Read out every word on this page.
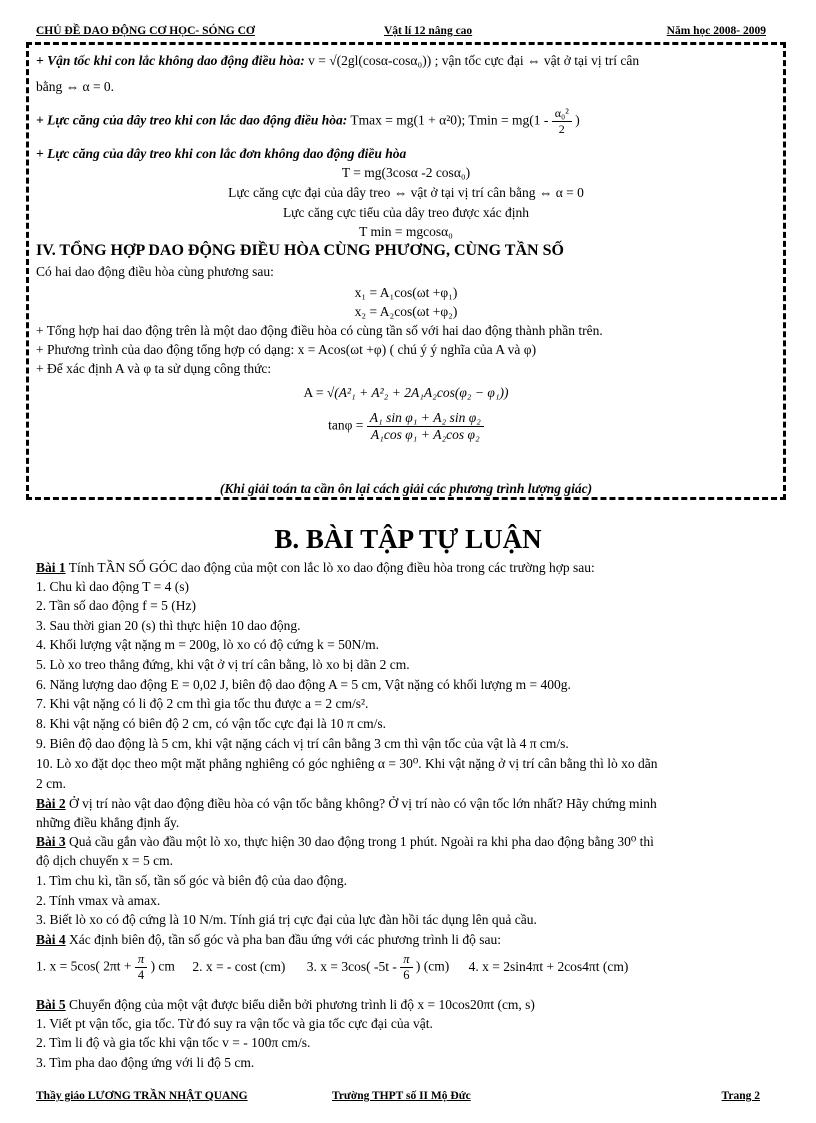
CHỦ ĐỀ DAO ĐỘNG CƠ HỌC- SÓNG CƠ	Vật lí 12 nâng cao	Năm học 2008- 2009
+ Vận tốc khi con lắc không dao động điều hòa: v = √(2gl(cosα-cosα₀)) ; vận tốc cực đại ⇔ vật ở tại vị trí cân
bằng ⇔ α = 0.
+ Lực căng của dây treo khi con lắc dao động điều hòa: Tmax = mg(1 + α²0); $Tmin = mg(1 - \frac{\text{α₀²}}{2}$ )
+ Lực căng của dây treo khi con lắc đơn không dao động điều hòa
T = mg(3cosα -2 cosα₀)
Lực căng cực đại của dây treo ⇔ vật ở tại vị trí cân bằng ⇔ α = 0
Lực căng cực tiểu của dây treo được xác định
T min = mgcosα₀
IV. TỔNG HỢP DAO ĐỘNG ĐIỀU HÒA CÙNG PHƯƠNG, CÙNG TẦN SỐ
Có hai dao động điều hòa cùng phương sau:
x₁ = A₁cos(ωt +φ₁)
x₂ = A₂cos(ωt +φ₂)
+ Tổng hợp hai dao động trên là một dao động điều hòa có cùng tần số với hai dao động thành phần trên.
+ Phương trình của dao động tổng hợp có dạng: x = Acos(ωt +φ) ( chú ý ý nghĩa của A và φ)
+ Để xác định A và φ ta sử dụng công thức:
A = √(A²₁ + A²₂ + 2A₁A₂cos(φ₂ − φ₁))
$\tan\varphi = \frac{\text{A₁ sin φ₁ + A₂ sin φ₂}}{\text{A₁cos φ₁ + A₂cos φ₂}}$
(Khi giải toán ta cần ôn lại cách giải các phương trình lượng giác)
B. BÀI TẬP TỰ LUẬN
Bài 1 Tính TẦN SỐ GÓC dao động của một con lắc lò xo dao động điều hòa trong các trường hợp sau:
1. Chu kì dao động T = 4 (s)
2. Tần số dao động f = 5 (Hz)
3. Sau thời gian 20 (s) thì thực hiện 10 dao động.
4. Khối lượng vật nặng m = 200g, lò xo có độ cứng k = 50N/m.
5. Lò xo treo thẳng đứng, khi vật ở vị trí cân bằng, lò xo bị dãn 2 cm.
6. Năng lượng dao động E = 0,02 J, biên độ dao động A = 5 cm, Vật nặng có khối lượng m = 400g.
7. Khi vật nặng có li độ 2 cm thì gia tốc thu được a = 2 cm/s².
8. Khi vật nặng có biên độ 2 cm, có vận tốc cực đại là 10 π cm/s.
9. Biên độ dao động là 5 cm, khi vật nặng cách vị trí cân bằng 3 cm thì vận tốc của vật là 4 π cm/s.
10. Lò xo đặt dọc theo một mặt phẳng nghiêng có góc nghiêng α = 30⁰. Khi vật nặng ở vị trí cân bằng thì lò xo dãn
2 cm.
Bài 2 Ở vị trí nào vật dao động điều hòa có vận tốc bằng không? Ở vị trí nào có vận tốc lớn nhất? Hãy chứng minh
những điều khẳng định ấy.
Bài 3 Quả cầu gắn vào đầu một lò xo, thực hiện 30 dao động trong 1 phút. Ngoài ra khi pha dao động bằng 30⁰ thì
độ dịch chuyển x = 5 cm.
1. Tìm chu kì, tần số, tần số góc và biên độ của dao động.
2. Tính vmax và amax.
3. Biết lò xo có độ cứng là 10 N/m. Tính giá trị cực đại của lực đàn hồi tác dụng lên quả cầu.
Bài 4 Xác định biên độ, tần số góc và pha ban đầu ứng với các phương trình li độ sau:
1. x = 5cos( $2\pi t + \frac{\pi}{4}$ ) cm 2. x = - cost (cm) 3. x = 3cos( $-5t - \frac{\pi}{6}$ ) (cm) 4. x = 2sin4πt + 2cos4πt (cm)
Bài 5 Chuyển động của một vật được biểu diễn bởi phương trình li độ x = 10cos20πt (cm, s)
1. Viết pt vận tốc, gia tốc. Từ đó suy ra vận tốc và gia tốc cực đại của vật.
2. Tìm li độ và gia tốc khi vận tốc v = - 100π cm/s.
3. Tìm pha dao động ứng với li độ 5 cm.
Thầy giáo LƯƠNG TRẦN NHẬT QUANG	Trường THPT số II Mộ Đức	Trang 2
